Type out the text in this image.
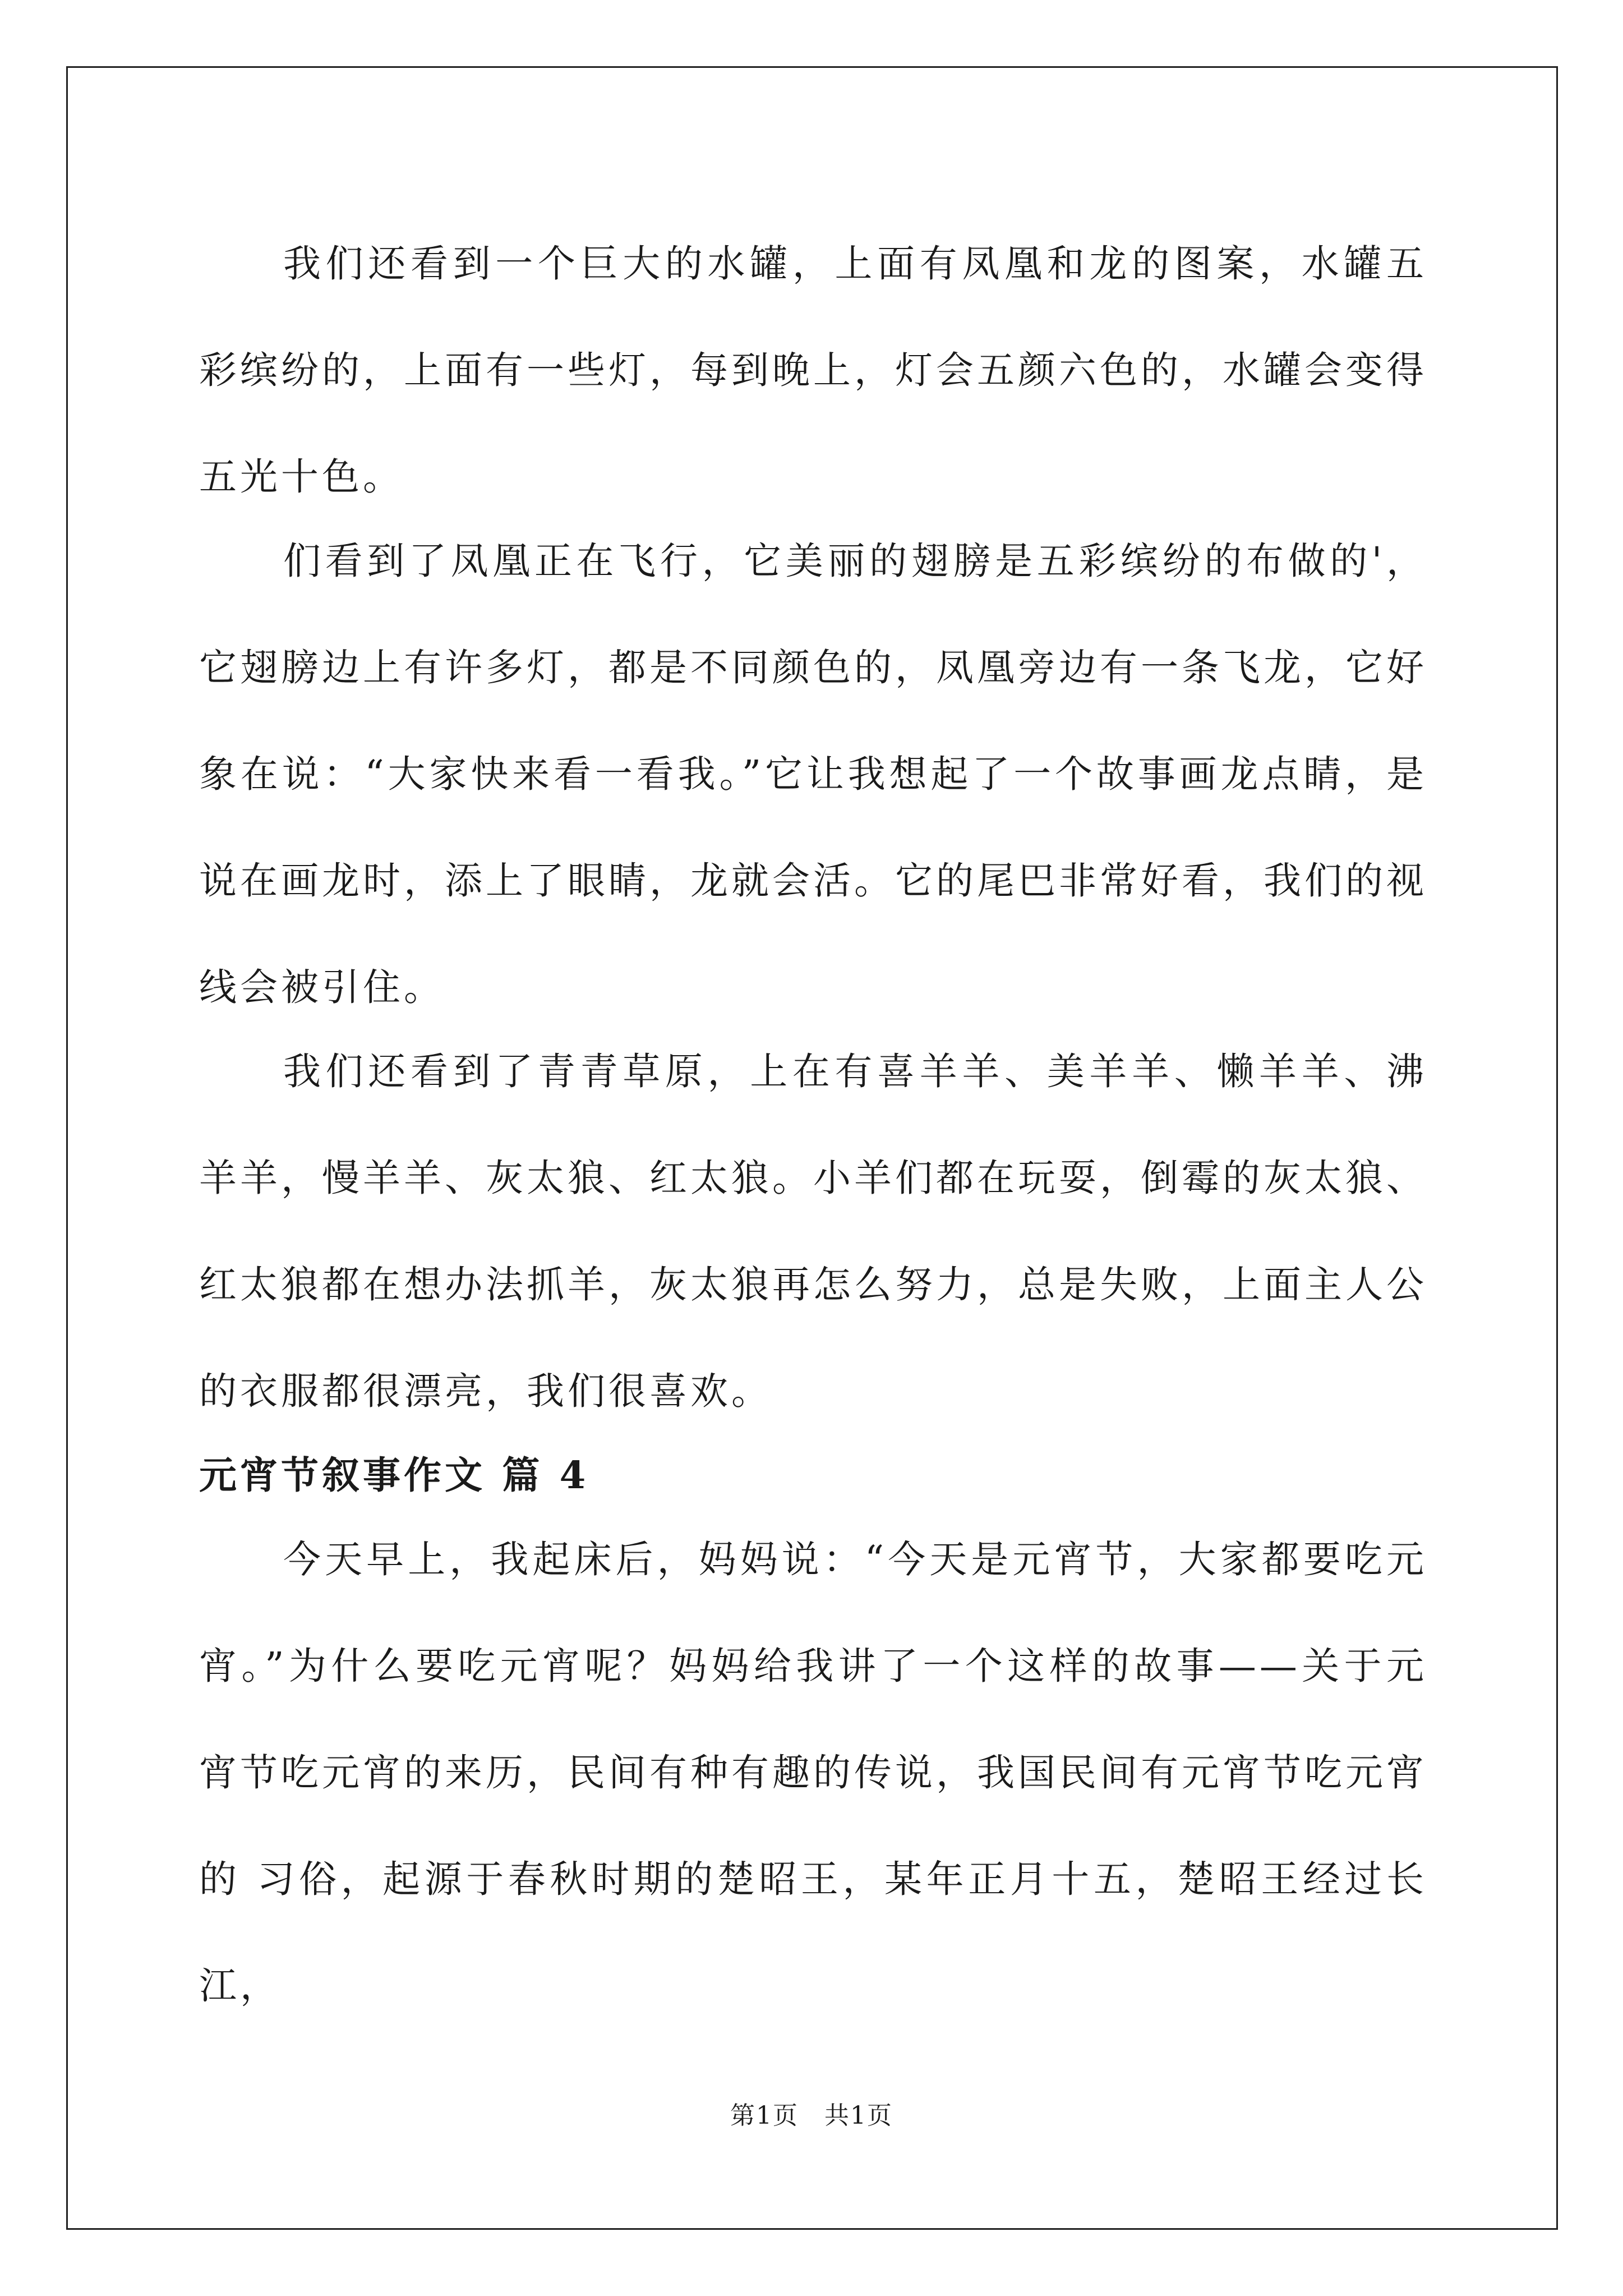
我们还看到一个巨大的水罐，上面有凤凰和龙的图案，水罐五彩缤纷的，上面有一些灯，每到晚上，灯会五颜六色的，水罐会变得五光十色。

们看到了凤凰正在飞行，它美丽的翅膀是五彩缤纷的布做的'，它翅膀边上有许多灯，都是不同颜色的，凤凰旁边有一条飞龙，它好象在说：“大家快来看一看我。”它让我想起了一个故事画龙点睛，是说在画龙时，添上了眼睛，龙就会活。它的尾巴非常好看，我们的视线会被引住。

我们还看到了青青草原，上在有喜羊羊、美羊羊、懒羊羊、沸羊羊，慢羊羊、灰太狼、红太狼。小羊们都在玩耍，倒霉的灰太狼、红太狼都在想办法抓羊，灰太狼再怎么努力，总是失败，上面主人公的衣服都很漂亮，我们很喜欢。

元宵节叙事作文 篇 4

今天早上，我起床后，妈妈说：“今天是元宵节，大家都要吃元宵。”为什么要吃元宵呢？妈妈给我讲了一个这样的故事——关于元宵节吃元宵的来历，民间有种有趣的传说，我国民间有元宵节吃元宵的 习俗，起源于春秋时期的楚昭王，某年正月十五，楚昭王经过长江，

第1页　共1页
